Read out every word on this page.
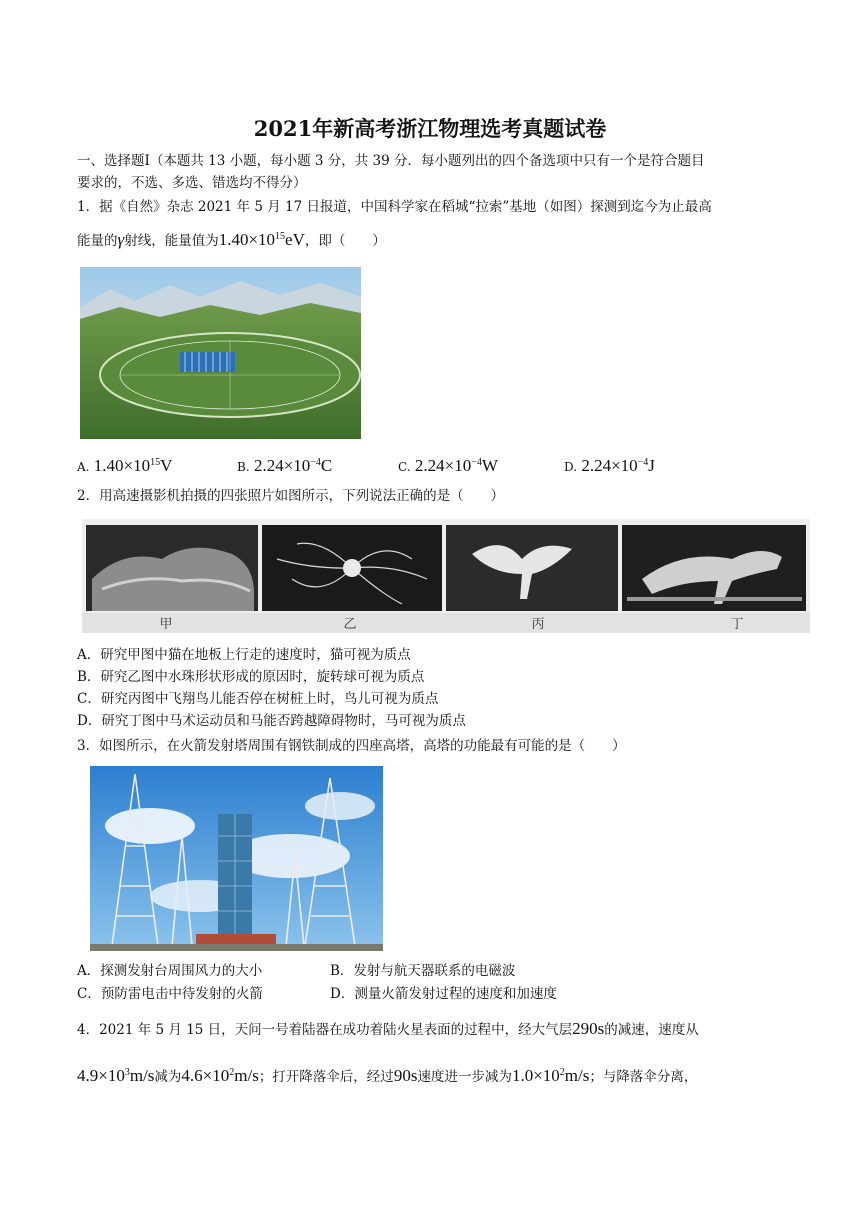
2021年新高考浙江物理选考真题试卷
一、选择题Ⅰ（本题共 13 小题，每小题 3 分，共 39 分．每小题列出的四个备选项中只有一个是符合题目
要求的，不选、多选、错选均不得分）
1．据《自然》杂志 2021 年 5 月 17 日报道，中国科学家在稻城“拉索”基地（如图）探测到迄今为止最高
能量的γ射线，能量值为$1.40\times 10^{15}eV$，即（　　）
A. $1.40\times 10^{15}V$	B. $2.24\times 10^{-4}C$	C. $2.24\times 10^{-4}W$	D. $2.24\times 10^{-4}J$
2．用高速摄影机拍摄的四张照片如图所示，下列说法正确的是（　　）
甲	乙	丙	丁
A．研究甲图中猫在地板上行走的速度时，猫可视为质点
B．研究乙图中水珠形状形成的原因时，旋转球可视为质点
C．研究丙图中飞翔鸟儿能否停在树桩上时，鸟儿可视为质点
D．研究丁图中马术运动员和马能否跨越障碍物时，马可视为质点
3．如图所示，在火箭发射塔周围有钢铁制成的四座高塔，高塔的功能最有可能的是（　　）
A．探测发射台周围风力的大小	B．发射与航天器联系的电磁波
C．预防雷电击中待发射的火箭	D．测量火箭发射过程的速度和加速度
4．2021 年 5 月 15 日，天问一号着陆器在成功着陆火星表面的过程中，经大气层290s的减速，速度从
$4.9\times 10^3m/s$减为$4.6\times 10^2m/s$；打开降落伞后，经过90s速度进一步减为$1.0\times 10^2m/s$；与降落伞分离，
